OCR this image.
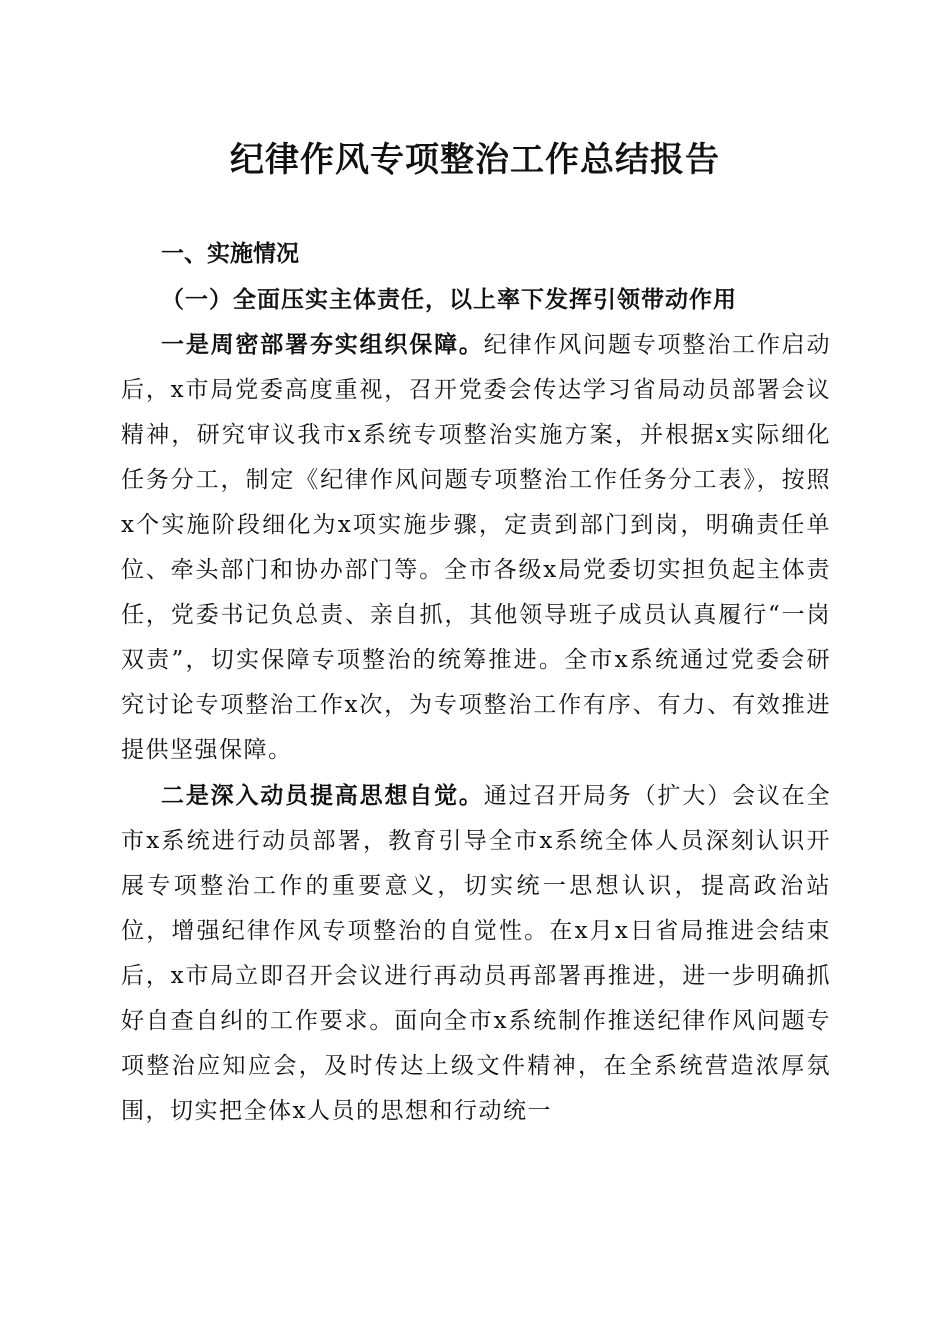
纪律作风专项整治工作总结报告

一、实施情况

（一）全面压实主体责任，以上率下发挥引领带动作用

一是周密部署夯实组织保障。纪律作风问题专项整治工作启动后，x市局党委高度重视，召开党委会传达学习省局动员部署会议精神，研究审议我市x系统专项整治实施方案，并根据x实际细化任务分工，制定《纪律作风问题专项整治工作任务分工表》，按照x个实施阶段细化为x项实施步骤，定责到部门到岗，明确责任单位、牵头部门和协办部门等。全市各级x局党委切实担负起主体责任，党委书记负总责、亲自抓，其他领导班子成员认真履行“一岗双责”，切实保障专项整治的统筹推进。全市x系统通过党委会研究讨论专项整治工作x次，为专项整治工作有序、有力、有效推进提供坚强保障。

二是深入动员提高思想自觉。通过召开局务（扩大）会议在全市x系统进行动员部署，教育引导全市x系统全体人员深刻认识开展专项整治工作的重要意义，切实统一思想认识，提高政治站位，增强纪律作风专项整治的自觉性。在x月x日省局推进会结束后，x市局立即召开会议进行再动员再部署再推进，进一步明确抓好自查自纠的工作要求。面向全市x系统制作推送纪律作风问题专项整治应知应会，及时传达上级文件精神，在全系统营造浓厚氛围，切实把全体x人员的思想和行动统一
